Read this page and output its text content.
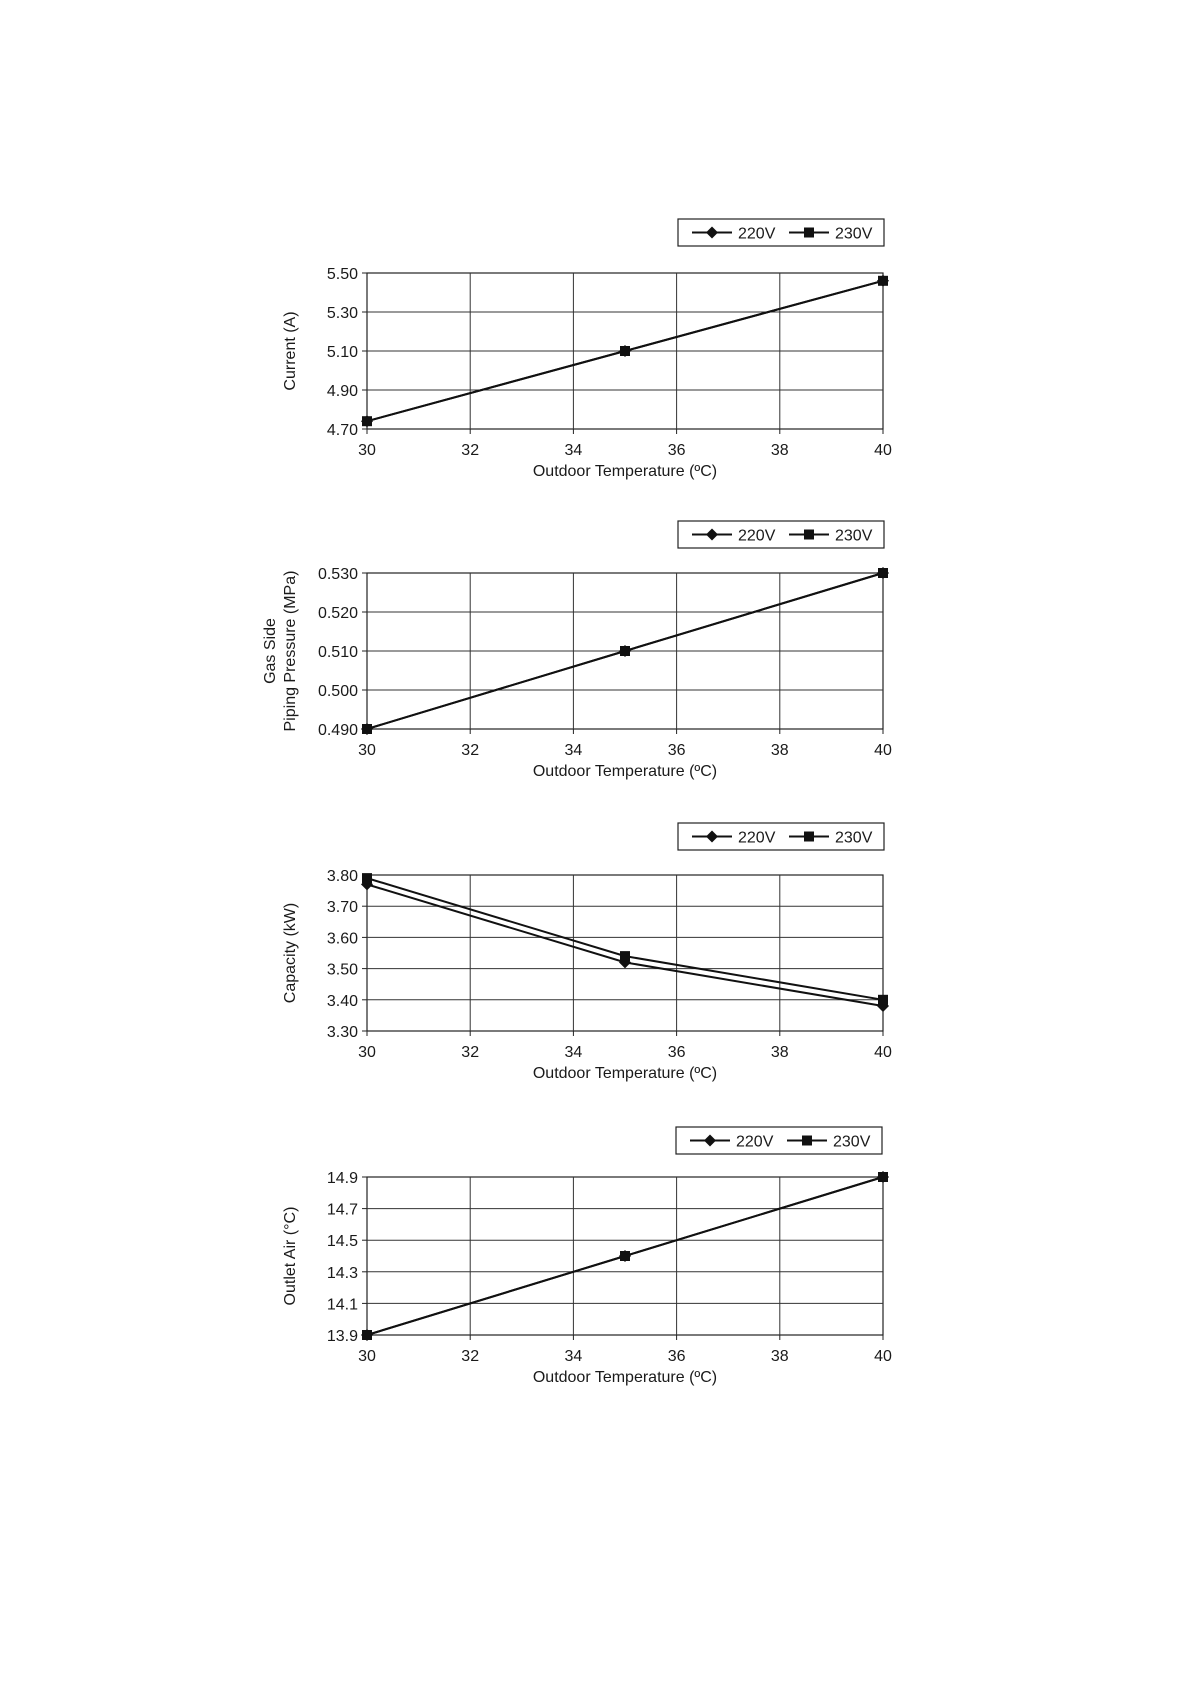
5.50
5.30
5.10
4.90
4.70
30	32	34	36	38	40
Outdoor Temperature (ºC)
Current (A)
220V	230V
0.530
0.520
0.510
0.500
0.490
30	32	34	36	38	40
Outdoor Temperature (ºC)
Gas Side Piping Pressure (MPa)
220V	230V
3.80
3.70
3.60
3.50
3.40
3.30
30	32	34	36	38	40
Outdoor Temperature (ºC)
Capacity (kW)
220V	230V
14.9
14.7
14.5
14.3
14.1
13.9
30	32	34	36	38	40
Outdoor Temperature (ºC)
Outlet Air (°C)
220V	230V
